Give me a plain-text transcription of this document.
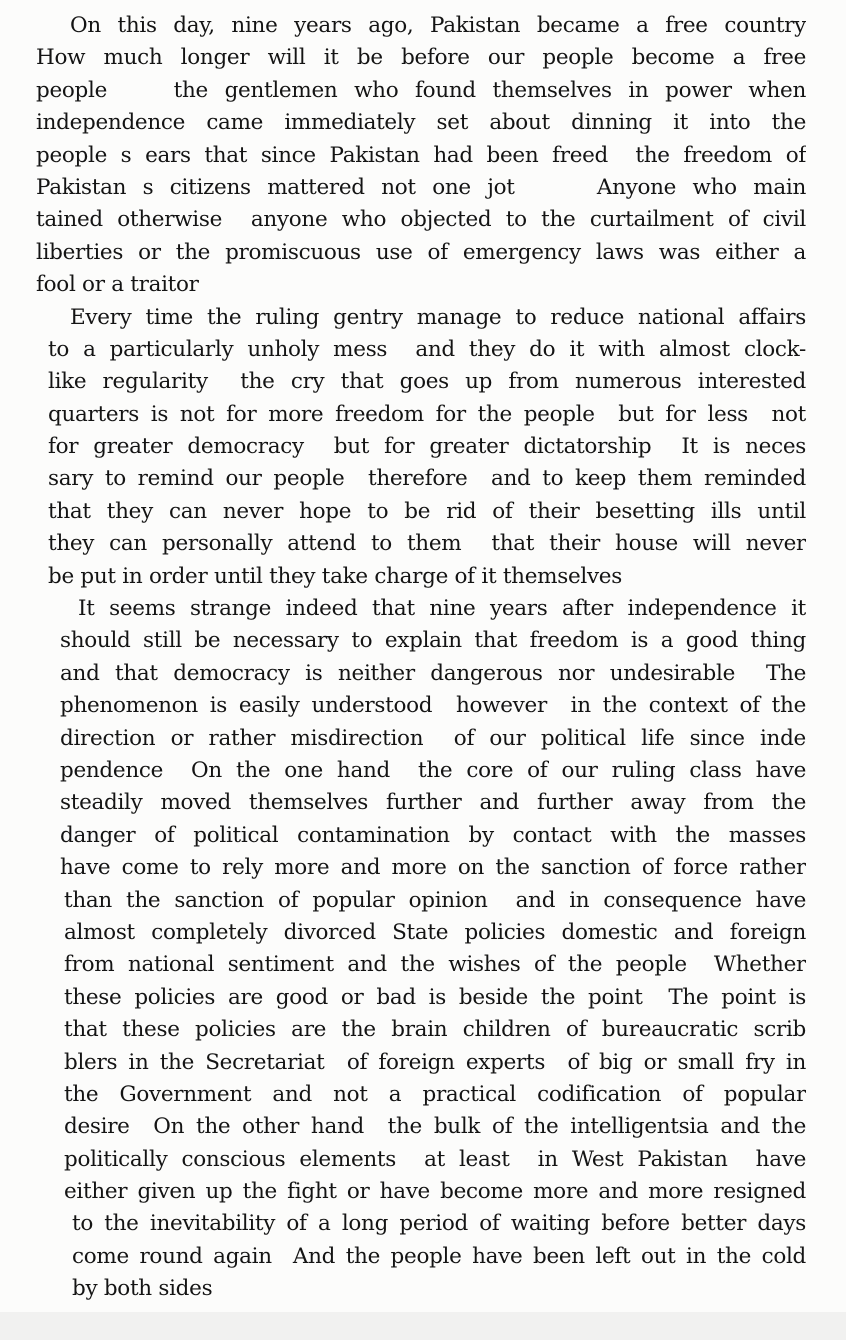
On this day, nine years ago, Pakistan became a free country
How much longer will it be before our people become a free
people    the gentlemen who found themselves in power when
independence came immediately set about dinning it into the
people s ears that since Pakistan had been freed  the freedom of
Pakistan s citizens mattered not one jot     Anyone who main
tained otherwise  anyone who objected to the curtailment of civil
liberties or the promiscuous use of emergency laws was either a
fool or a traitor
Every time the ruling gentry manage to reduce national affairs
to a particularly unholy mess  and they do it with almost clock-
like regularity  the cry that goes up from numerous interested
quarters is not for more freedom for the people  but for less  not
for greater democracy  but for greater dictatorship  It is neces
sary to remind our people  therefore  and to keep them reminded
that they can never hope to be rid of their besetting ills until
they can personally attend to them  that their house will never
be put in order until they take charge of it themselves
It seems strange indeed that nine years after independence it
should still be necessary to explain that freedom is a good thing
and that democracy is neither dangerous nor undesirable  The
phenomenon is easily understood  however  in the context of the
direction or rather misdirection  of our political life since inde
pendence  On the one hand  the core of our ruling class have
steadily moved themselves further and further away from the
danger of political contamination by contact with the masses
have come to rely more and more on the sanction of force rather
than the sanction of popular opinion  and in consequence have
almost completely divorced State policies domestic and foreign
from national sentiment and the wishes of the people  Whether
these policies are good or bad is beside the point  The point is
that these policies are the brain children of bureaucratic scrib
blers in the Secretariat  of foreign experts  of big or small fry in
the Government and not a practical codification of popular
desire  On the other hand  the bulk of the intelligentsia and the
politically conscious elements  at least  in West Pakistan  have
either given up the fight or have become more and more resigned
to the inevitability of a long period of waiting before better days
come round again  And the people have been left out in the cold
by both sides
